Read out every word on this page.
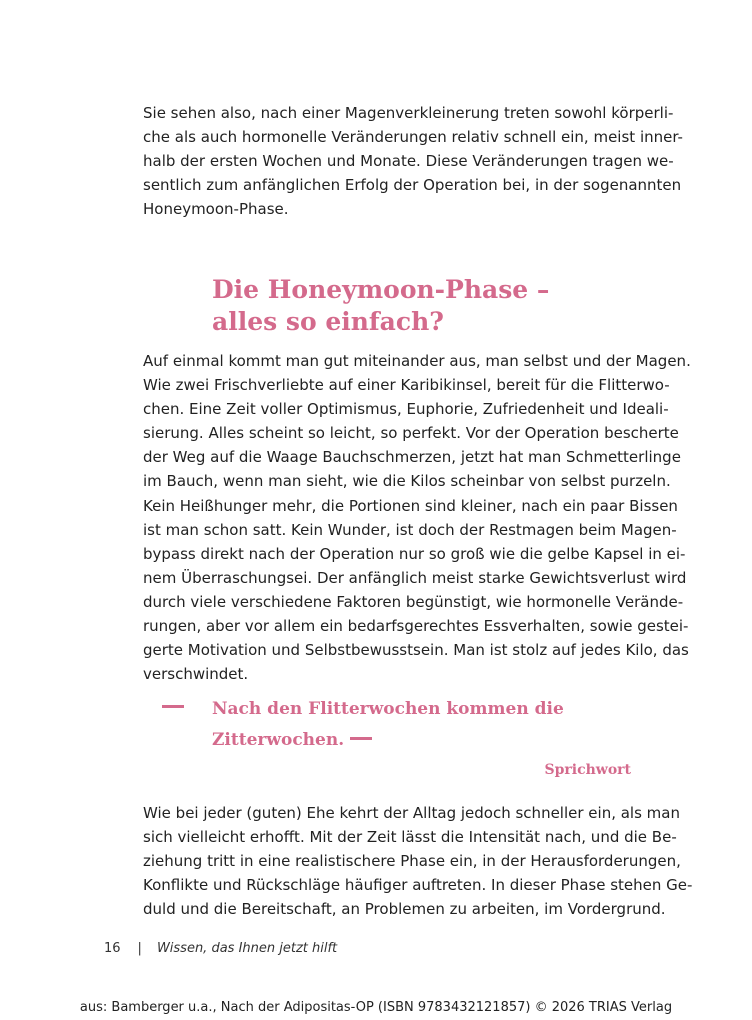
Sie sehen also, nach einer Magenverkleinerung treten sowohl körperli-
che als auch hormonelle Veränderungen relativ schnell ein, meist inner-
halb der ersten Wochen und Monate. Diese Veränderungen tragen we-
sentlich zum anfänglichen Erfolg der Operation bei, in der sogenannten
Honeymoon-Phase.

Die Honeymoon-Phase –
alles so einfach?

Auf einmal kommt man gut miteinander aus, man selbst und der Magen.
Wie zwei Frischverliebte auf einer Karibikinsel, bereit für die Flitterwo-
chen. Eine Zeit voller Optimismus, Euphorie, Zufriedenheit und Ideali-
sierung. Alles scheint so leicht, so perfekt. Vor der Operation bescherte
der Weg auf die Waage Bauchschmerzen, jetzt hat man Schmetterlinge
im Bauch, wenn man sieht, wie die Kilos scheinbar von selbst purzeln.
Kein Heißhunger mehr, die Portionen sind kleiner, nach ein paar Bissen
ist man schon satt. Kein Wunder, ist doch der Restmagen beim Magen-
bypass direkt nach der Operation nur so groß wie die gelbe Kapsel in ei-
nem Überraschungsei. Der anfänglich meist starke Gewichtsverlust wird
durch viele verschiedene Faktoren begünstigt, wie hormonelle Verände-
rungen, aber vor allem ein bedarfsgerechtes Essverhalten, sowie gestei-
gerte Motivation und Selbstbewusstsein. Man ist stolz auf jedes Kilo, das
verschwindet.

Nach den Flitterwochen kommen die
Zitterwochen.
Sprichwort

Wie bei jeder (guten) Ehe kehrt der Alltag jedoch schneller ein, als man
sich vielleicht erhofft. Mit der Zeit lässt die Intensität nach, und die Be-
ziehung tritt in eine realistischere Phase ein, in der Herausforderungen,
Konflikte und Rückschläge häufiger auftreten. In dieser Phase stehen Ge-
duld und die Bereitschaft, an Problemen zu arbeiten, im Vordergrund.

16 | Wissen, das Ihnen jetzt hilft
aus: Bamberger u.a., Nach der Adipositas-OP (ISBN 9783432121857) © 2026 TRIAS Verlag
